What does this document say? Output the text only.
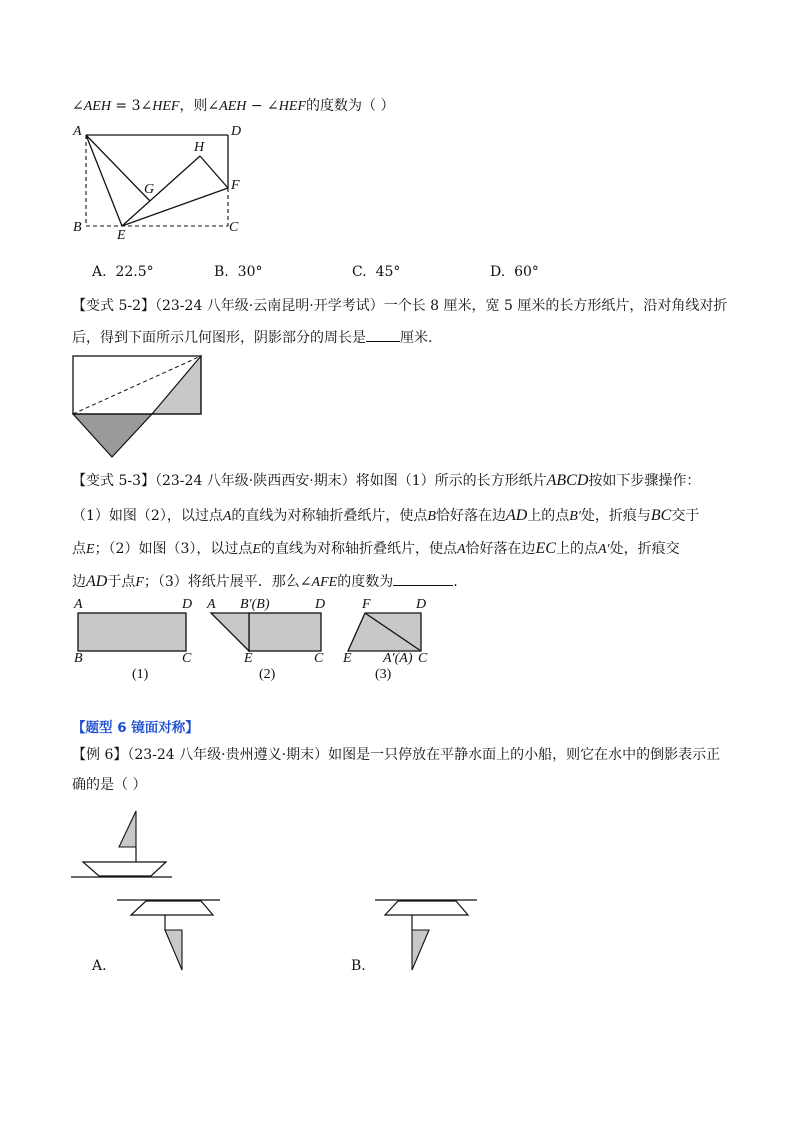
∠AEH = 3∠HEF，则∠AEH − ∠HEF的度数为（ ）
A	D
H
G	F
B
E
C
A. 22.5°	B. 30°	C. 45°	D. 60°
【变式 5-2】（23-24 八年级·云南昆明·开学考试）一个长 8 厘米，宽 5 厘米的长方形纸片，沿对角线对折
后，得到下面所示几何图形，阴影部分的周长是 厘米.
【变式 5-3】（23-24 八年级·陕西西安·期末）将如图（1）所示的长方形纸片ABCD按如下步骤操作：
（1）如图（2），以过点A的直线为对称轴折叠纸片，使点B恰好落在边AD上的点B′处，折痕与BC交于
点E；（2）如图（3），以过点E的直线为对称轴折叠纸片，使点A恰好落在边EC上的点A′处，折痕交
边AD于点F；（3）将纸片展平．那么∠AFE的度数为	.
A	D
B	C
(1)
A B′(B)	D
E	C
(2)
F	D
E A′(A) C
(3)
【题型 6 镜面对称】
【例 6】（23-24 八年级·贵州遵义·期末）如图是一只停放在平静水面上的小船，则它在水中的倒影表示正
确的是（ ）
A.	B.
